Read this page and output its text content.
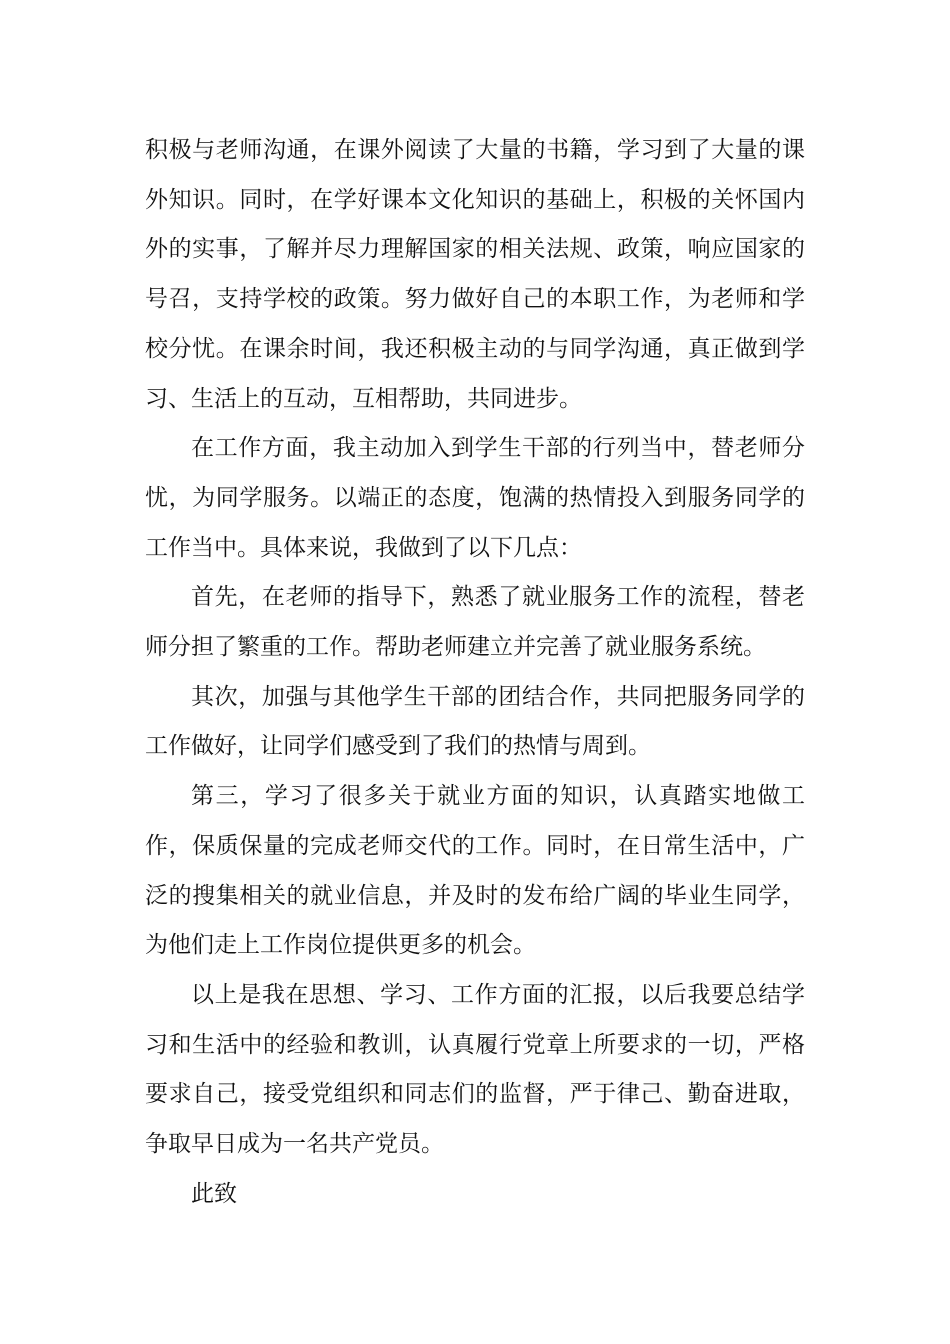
积极与老师沟通，在课外阅读了大量的书籍，学习到了大量的课外知识。同时，在学好课本文化知识的基础上，积极的关怀国内外的实事，了解并尽力理解国家的相关法规、政策，响应国家的号召，支持学校的政策。努力做好自己的本职工作，为老师和学校分忧。在课余时间，我还积极主动的与同学沟通，真正做到学习、生活上的互动，互相帮助，共同进步。

在工作方面，我主动加入到学生干部的行列当中，替老师分忧，为同学服务。以端正的态度，饱满的热情投入到服务同学的工作当中。具体来说，我做到了以下几点：

首先，在老师的指导下，熟悉了就业服务工作的流程，替老师分担了繁重的工作。帮助老师建立并完善了就业服务系统。

其次，加强与其他学生干部的团结合作，共同把服务同学的工作做好，让同学们感受到了我们的热情与周到。

第三，学习了很多关于就业方面的知识，认真踏实地做工作，保质保量的完成老师交代的工作。同时，在日常生活中，广泛的搜集相关的就业信息，并及时的发布给广阔的毕业生同学，为他们走上工作岗位提供更多的机会。

以上是我在思想、学习、工作方面的汇报，以后我要总结学习和生活中的经验和教训，认真履行党章上所要求的一切，严格要求自己，接受党组织和同志们的监督，严于律己、勤奋进取，争取早日成为一名共产党员。

此致
